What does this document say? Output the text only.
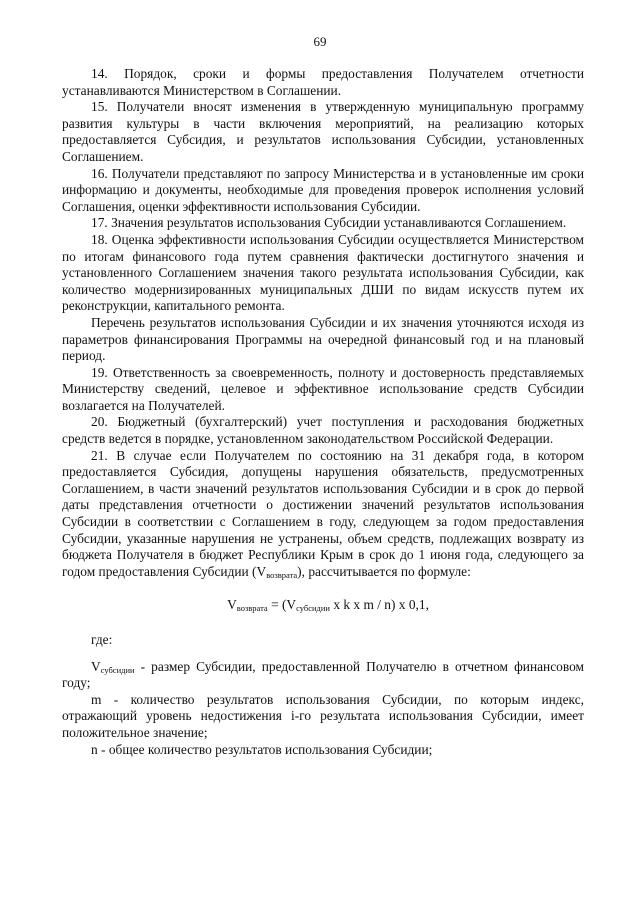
69

14. Порядок, сроки и формы предоставления Получателем отчетности устанавливаются Министерством в Соглашении.

15. Получатели вносят изменения в утвержденную муниципальную программу развития культуры в части включения мероприятий, на реализацию которых предоставляется Субсидия, и результатов использования Субсидии, установленных Соглашением.

16. Получатели представляют по запросу Министерства и в установленные им сроки информацию и документы, необходимые для проведения проверок исполнения условий Соглашения, оценки эффективности использования Субсидии.

17. Значения результатов использования Субсидии устанавливаются Соглашением.

18. Оценка эффективности использования Субсидии осуществляется Министерством по итогам финансового года путем сравнения фактически достигнутого значения и установленного Соглашением значения такого результата использования Субсидии, как количество модернизированных муниципальных ДШИ по видам искусств путем их реконструкции, капитального ремонта.

Перечень результатов использования Субсидии и их значения уточняются исходя из параметров финансирования Программы на очередной финансовый год и на плановый период.

19. Ответственность за своевременность, полноту и достоверность представляемых Министерству сведений, целевое и эффективное использование средств Субсидии возлагается на Получателей.

20. Бюджетный (бухгалтерский) учет поступления и расходования бюджетных средств ведется в порядке, установленном законодательством Российской Федерации.

21. В случае если Получателем по состоянию на 31 декабря года, в котором предоставляется Субсидия, допущены нарушения обязательств, предусмотренных Соглашением, в части значений результатов использования Субсидии и в срок до первой даты представления отчетности о достижении значений результатов использования Субсидии в соответствии с Соглашением в году, следующем за годом предоставления Субсидии, указанные нарушения не устранены, объем средств, подлежащих возврату из бюджета Получателя в бюджет Республики Крым в срок до 1 июня года, следующего за годом предоставления Субсидии $(V_{возврата})$, рассчитывается по формуле:

$V_{возврата} = (V_{субсидии}$ x k x m / n) x 0,1,

где:

$V_{субсидии}$ - размер Субсидии, предоставленной Получателю в отчетном финансовом году;

m - количество результатов использования Субсидии, по которым индекс, отражающий уровень недостижения i-го результата использования Субсидии, имеет положительное значение;

n - общее количество результатов использования Субсидии;
